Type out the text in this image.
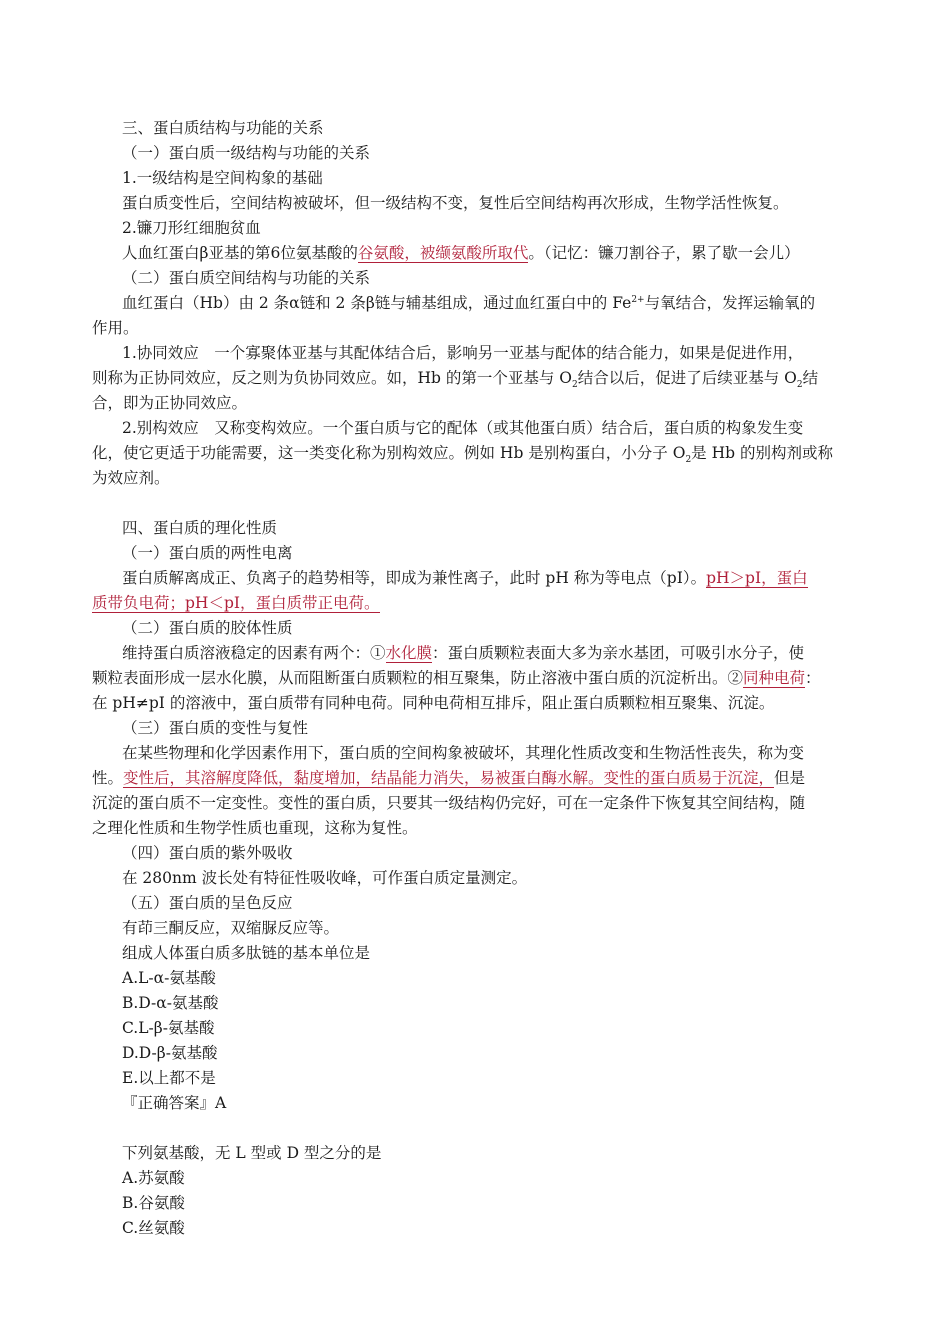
三、蛋白质结构与功能的关系

（一）蛋白质一级结构与功能的关系

1.一级结构是空间构象的基础

蛋白质变性后，空间结构被破坏，但一级结构不变，复性后空间结构再次形成，生物学活性恢复。

2.镰刀形红细胞贫血

人血红蛋白β亚基的第6位氨基酸的谷氨酸，被缬氨酸所取代。（记忆：镰刀割谷子，累了歇一会儿）

（二）蛋白质空间结构与功能的关系

血红蛋白（Hb）由 2 条α链和 2 条β链与辅基组成，通过血红蛋白中的 $Fe^{2+}$与氧结合，发挥运输氧的

作用。

1.协同效应　一个寡聚体亚基与其配体结合后，影响另一亚基与配体的结合能力，如果是促进作用，

则称为正协同效应，反之则为负协同效应。如，Hb 的第一个亚基与 $O_2$结合以后，促进了后续亚基与 $O_2$结

合，即为正协同效应。

2.别构效应　又称变构效应。一个蛋白质与它的配体（或其他蛋白质）结合后，蛋白质的构象发生变

化，使它更适于功能需要，这一类变化称为别构效应。例如 Hb 是别构蛋白，小分子 $O_2$是 Hb 的别构剂或称

为效应剂。

四、蛋白质的理化性质

（一）蛋白质的两性电离

蛋白质解离成正、负离子的趋势相等，即成为兼性离子，此时 pH 称为等电点（pI）。pH＞pI，蛋白

质带负电荷；pH＜pI，蛋白质带正电荷。

（二）蛋白质的胶体性质

维持蛋白质溶液稳定的因素有两个：①水化膜：蛋白质颗粒表面大多为亲水基团，可吸引水分子，使

颗粒表面形成一层水化膜，从而阻断蛋白质颗粒的相互聚集，防止溶液中蛋白质的沉淀析出。②同种电荷：

在 pH≠pI 的溶液中，蛋白质带有同种电荷。同种电荷相互排斥，阻止蛋白质颗粒相互聚集、沉淀。

（三）蛋白质的变性与复性

在某些物理和化学因素作用下，蛋白质的空间构象被破坏，其理化性质改变和生物活性丧失，称为变

性。变性后，其溶解度降低，黏度增加，结晶能力消失，易被蛋白酶水解。变性的蛋白质易于沉淀，但是

沉淀的蛋白质不一定变性。变性的蛋白质，只要其一级结构仍完好，可在一定条件下恢复其空间结构，随

之理化性质和生物学性质也重现，这称为复性。

（四）蛋白质的紫外吸收

在 280nm 波长处有特征性吸收峰，可作蛋白质定量测定。

（五）蛋白质的呈色反应

有茚三酮反应，双缩脲反应等。

组成人体蛋白质多肽链的基本单位是

A.L-α-氨基酸

B.D-α-氨基酸

C.L-β-氨基酸

D.D-β-氨基酸

E.以上都不是

『正确答案』A

下列氨基酸，无 L 型或 D 型之分的是

A.苏氨酸

B.谷氨酸

C.丝氨酸
